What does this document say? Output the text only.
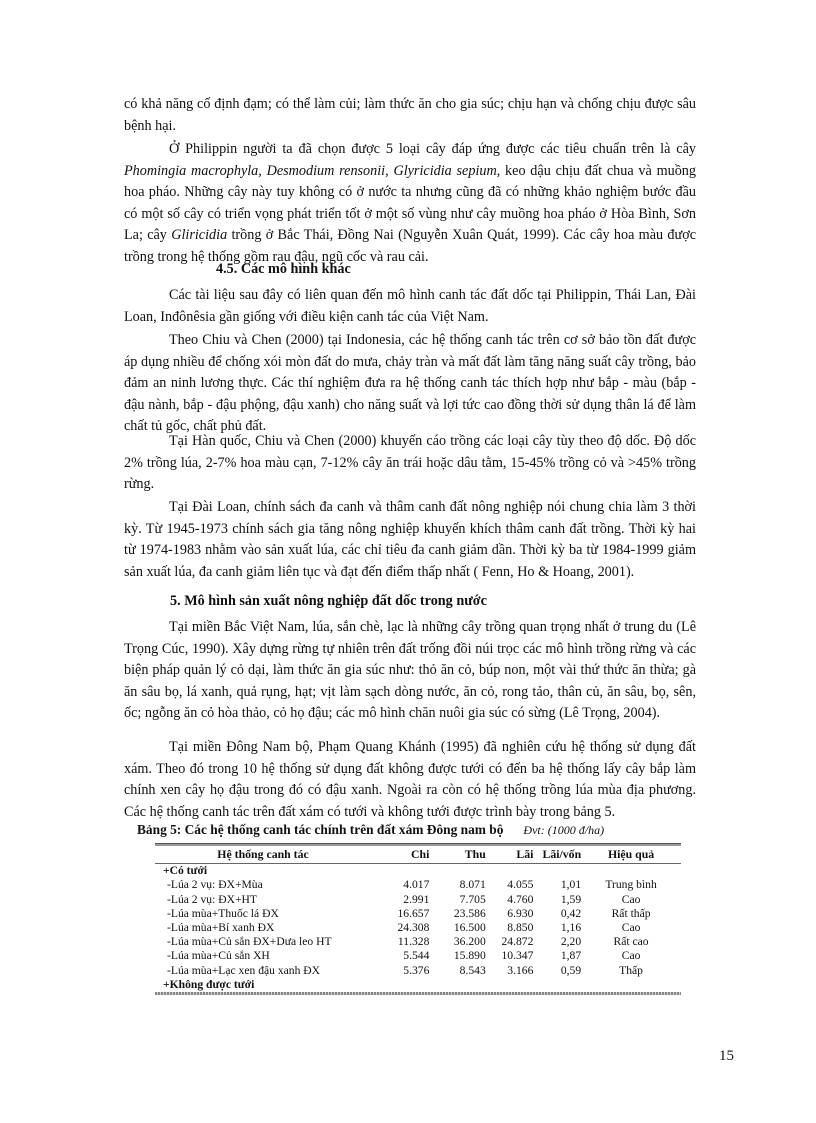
có khả năng cố định đạm; có thể làm củi; làm thức ăn cho gia súc; chịu hạn và chống chịu được sâu bệnh hại.

Ở Philippin người ta đã chọn được 5 loại cây đáp ứng được các tiêu chuẩn trên là cây Phomingia macrophyla, Desmodium rensonii, Glyricidia sepium, keo dậu chịu đất chua và muồng hoa pháo. Những cây này tuy không có ở nước ta nhưng cũng đã có những khảo nghiệm bước đầu có một số cây có triển vọng phát triển tốt ở một số vùng như cây muồng hoa pháo ở Hòa Bình, Sơn La; cây Gliricidia trồng ở Bắc Thái, Đồng Nai (Nguyễn Xuân Quát, 1999). Các cây hoa màu được trồng trong hệ thống gồm rau đậu, ngũ cốc và rau cải.

4.5. Các mô hình khác

Các tài liệu sau đây có liên quan đến mô hình canh tác đất dốc tại Philippin, Thái Lan, Đài Loan, Inđônêsia gần giống với điều kiện canh tác của Việt Nam.

Theo Chiu và Chen (2000) tại Indonesia, các hệ thống canh tác trên cơ sở bảo tồn đất được áp dụng nhiều để chống xói mòn đất do mưa, chảy tràn và mất đất làm tăng năng suất cây trồng, bảo đảm an ninh lương thực. Các thí nghiệm đưa ra hệ thống canh tác thích hợp như bắp - màu (bắp - đậu nành, bắp - đậu phộng, đậu xanh) cho năng suất và lợi tức cao đồng thời sử dụng thân lá để làm chất tủ gốc, chất phủ đất.

Tại Hàn quốc, Chiu và Chen (2000) khuyến cáo trồng các loại cây tùy theo độ dốc. Độ dốc 2% trồng lúa, 2-7% hoa màu cạn, 7-12% cây ăn trái hoặc dâu tằm, 15-45% trồng cỏ và >45% trồng rừng.

Tại Đài Loan, chính sách đa canh và thâm canh đất nông nghiệp nói chung chia làm 3 thời kỳ. Từ 1945-1973 chính sách gia tăng nông nghiệp khuyến khích thâm canh đất trồng. Thời kỳ hai từ 1974-1983 nhằm vào sản xuất lúa, các chỉ tiêu đa canh giảm dần. Thời kỳ ba từ 1984-1999 giảm sản xuất lúa, đa canh giảm liên tục và đạt đến điểm thấp nhất ( Fenn, Ho & Hoang, 2001).

5. Mô hình sản xuất nông nghiệp đất dốc trong nước

Tại miền Bắc Việt Nam, lúa, sắn chè, lạc là những cây trồng quan trọng nhất ở trung du (Lê Trọng Cúc, 1990). Xây dựng rừng tự nhiên trên đất trống đồi núi trọc các mô hình trồng rừng và các biện pháp quản lý cỏ dại, làm thức ăn gia súc như: thỏ ăn cỏ, búp non, một vài thứ thức ăn thừa; gà ăn sâu bọ, lá xanh, quả rụng, hạt; vịt làm sạch dòng nước, ăn cỏ, rong tảo, thân củ, ăn sâu, bọ, sên, ốc; ngỗng ăn cỏ hòa thảo, cỏ họ đậu; các mô hình chăn nuôi gia súc có sừng (Lê Trọng, 2004).

Tại miền Đông Nam bộ, Phạm Quang Khánh (1995) đã nghiên cứu hệ thống sử dụng đất xám. Theo đó trong 10 hệ thống sử dụng đất không được tưới có đến ba hệ thống lấy cây bắp làm chính xen cây họ đậu trong đó có đậu xanh. Ngoài ra còn có hệ thống trồng lúa mùa địa phương. Các hệ thống canh tác trên đất xám có tưới và không tưới được trình bày trong bảng 5.

Bảng 5: Các hệ thống canh tác chính trên đất xám Đông nam bộ Đvt: (1000 đ/ha)
Hệ thống canh tác	Chi	Thu	Lãi	Lãi/vốn	Hiệu quả

+Có tưới					
-Lúa 2 vụ: ĐX+Mùa	4.017	8.071	4.055	1,01	Trung bình
-Lúa 2 vụ: ĐX+HT	2.991	7.705	4.760	1,59	Cao
-Lúa mùa+Thuốc lá ĐX	16.657	23.586	6.930	0,42	Rất thấp
-Lúa mùa+Bí xanh ĐX	24.308	16.500	8.850	1,16	Cao
-Lúa mùa+Củ sắn ĐX+Dưa leo HT	11.328	36.200	24.872	2,20	Rất cao
-Lúa mùa+Củ sắn XH	5.544	15.890	10.347	1,87	Cao
-Lúa mùa+Lạc xen đậu xanh ĐX	5.376	8.543	3.166	0,59	Thấp
+Không được tưới					
15
